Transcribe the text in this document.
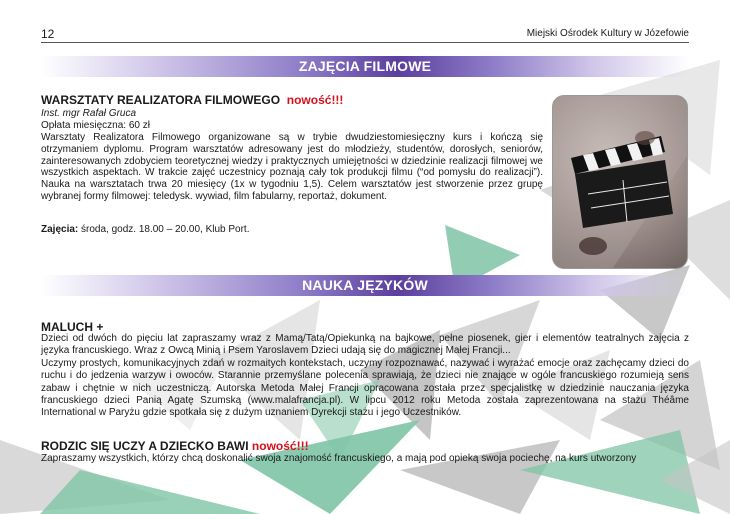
12	Miejski Ośrodek Kultury w Józefowie
ZAJĘCIA FILMOWE
WARSZTATY REALIZATORA FILMOWEGO nowość!!!
Inst. mgr Rafał Gruca
Opłata miesięczna: 60 zł
Warsztaty Realizatora Filmowego organizowane są w trybie dwudziestomiesięczny kurs i kończą się otrzymaniem dyplomu. Program warsztatów adresowany jest do młodzieży, studentów, dorosłych, seniorów, zainteresowanych zdobyciem teoretycznej wiedzy i praktycznych umiejętności w dziedzinie realizacji filmowej we wszystkich aspektach. W trakcie zajęć uczestnicy poznają cały tok produkcji filmu (“od pomysłu do realizacji”). Nauka na warsztatach trwa 20 miesięcy (1x w tygodniu 1,5). Celem warsztatów jest stworzenie przez grupę wybranej formy filmowej: teledysk. wywiad, film fabularny, reportaż, dokument.
Zajęcia: środa, godz. 18.00 – 20.00, Klub Port.
NAUKA JĘZYKÓW
MALUCH +

Dzieci od dwóch do pięciu lat zapraszamy wraz z Mamą/Tatą/Opiekunką na bajkowe, pełne piosenek, gier i elementów teatralnych zajęcia z języka francuskiego. Wraz z Owcą Minią i Psem Yaroslavem Dzieci udają się do magicznej Małej Francji...

Uczymy prostych, komunikacyjnych zdań w rozmaitych kontekstach, uczymy rozpoznawać, nazywać i wyrażać emocje oraz zachęcamy dzieci do ruchu i do jedzenia warzyw i owoców. Starannie przemyślane polecenia sprawiają, że dzieci nie znające w ogóle francuskiego rozumieją sens zabaw i chętnie w nich uczestniczą. Autorska Metoda Małej Francji opracowana została przez specjalistkę w dziedzinie nauczania języka francuskiego dzieci Panią Agatę Szumską (www.malafrancja.pl). W lipcu 2012 roku Metoda została zaprezentowana na stażu Théâme International w Paryżu gdzie spotkała się z dużym uznaniem Dyrekcji stażu i jego Uczestników.

RODZIC SIĘ UCZY A DZIECKO BAWI nowość!!!
Zapraszamy wszystkich, którzy chcą doskonalić swoja znajomość francuskiego, a mają pod opieką swoja pociechę, na kurs utworzony
